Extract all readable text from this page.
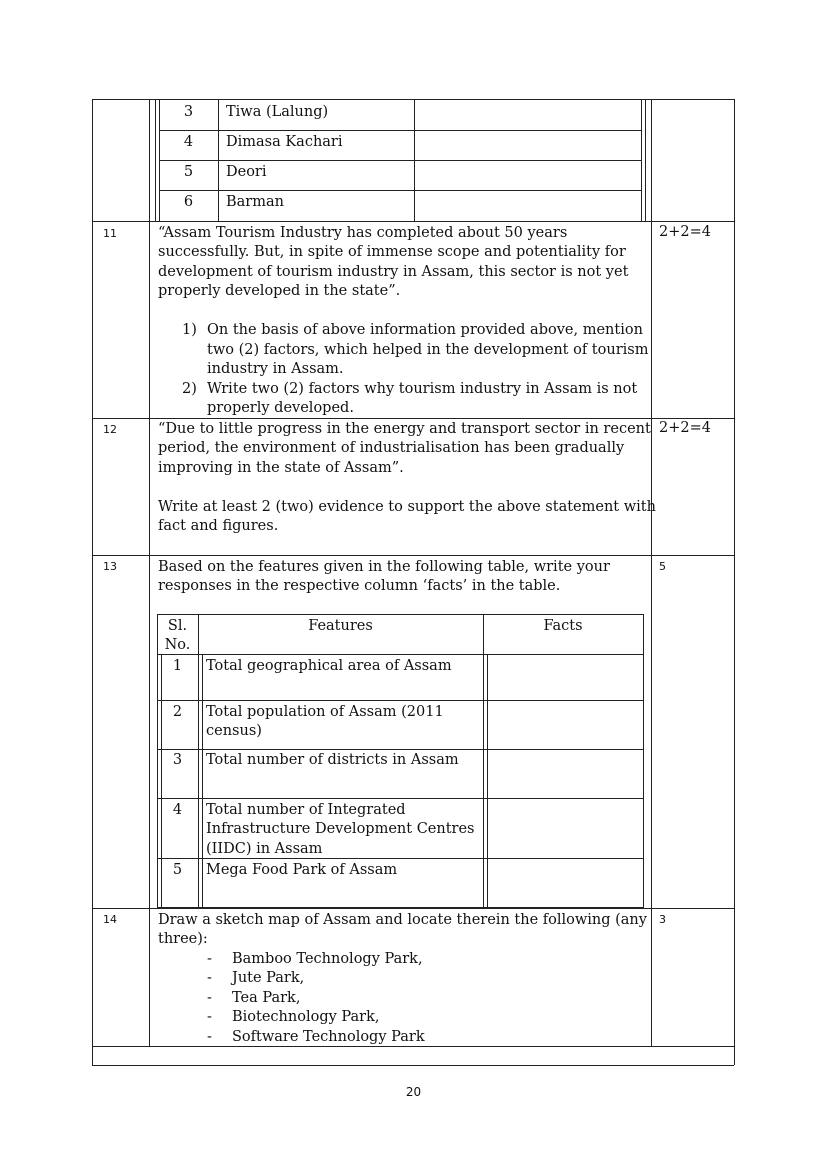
3	Tiwa (Lalung)
4	Dimasa Kachari
5	Deori
6	Barman
11	2+2=4
“Assam Tourism Industry has completed about 50 years
successfully. But, in spite of immense scope and potentiality for
development of tourism industry in Assam, this sector is not yet
properly developed in the state”.
1) On the basis of above information provided above, mention
two (2) factors, which helped in the development of tourism
industry in Assam.
2) Write two (2) factors why tourism industry in Assam is not
properly developed.
12	2+2=4
“Due to little progress in the energy and transport sector in recent
period, the environment of industrialisation has been gradually
improving in the state of Assam”.
Write at least 2 (two) evidence to support the above statement with
fact and figures.
13	5
Based on the features given in the following table, write your
responses in the respective column ‘facts’ in the table.
Sl.
No.
Features	Facts
1	Total geographical area of Assam
2	Total population of Assam (2011
census)
3	Total number of districts in Assam
4	Total number of Integrated
Infrastructure Development Centres
(IIDC) in Assam
5	Mega Food Park of Assam
14	3
Draw a sketch map of Assam and locate therein the following (any
three):
- Bamboo Technology Park,
- Jute Park,
- Tea Park,
- Biotechnology Park,
- Software Technology Park
20
